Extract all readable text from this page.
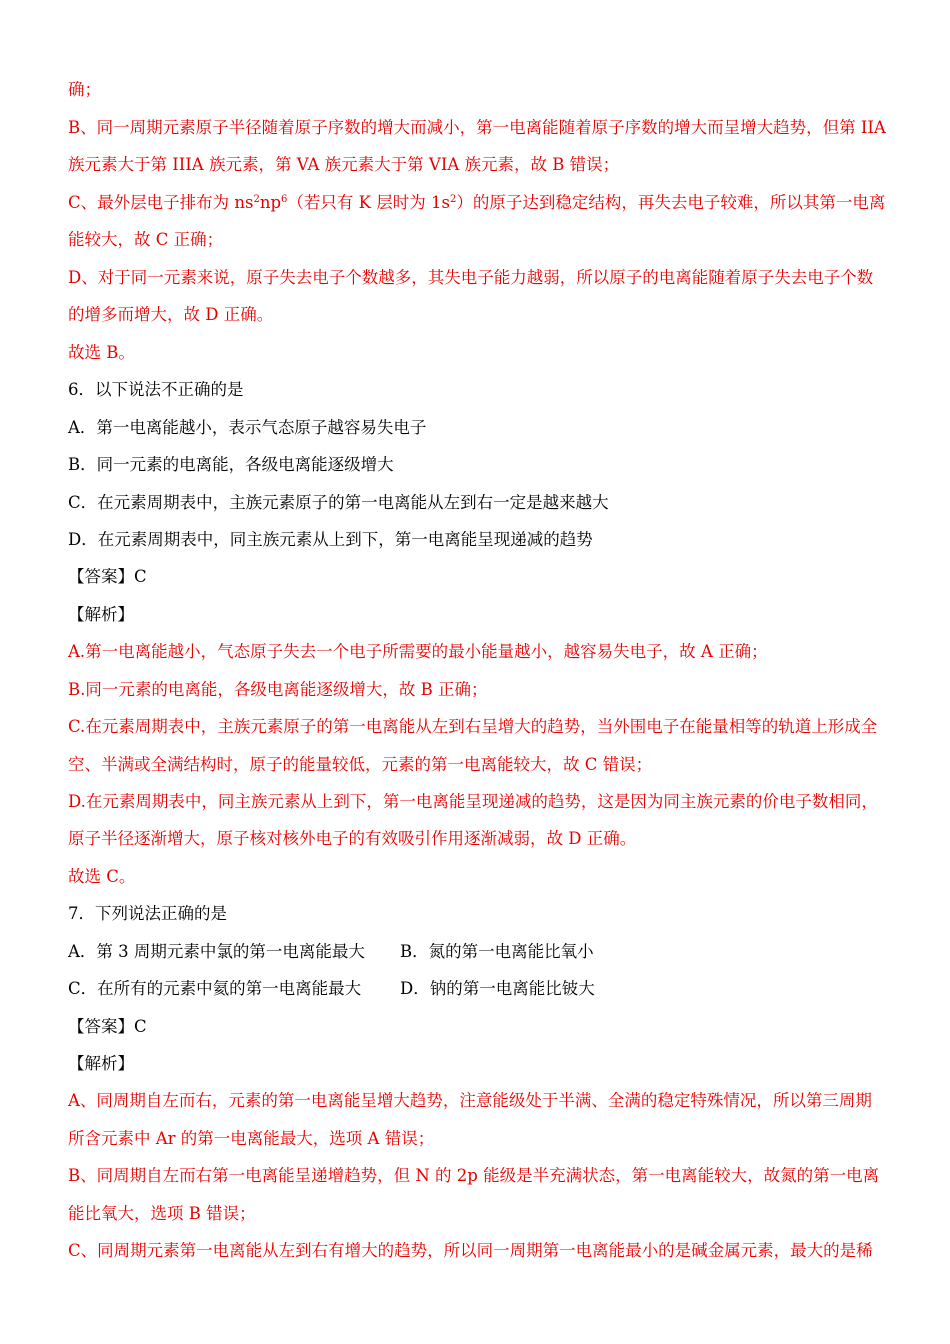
确；
B、同一周期元素原子半径随着原子序数的增大而减小，第一电离能随着原子序数的增大而呈增大趋势，但第 IIA
族元素大于第 IIIA 族元素，第 VA 族元素大于第 VIA 族元素，故 B 错误；
C、最外层电子排布为 $ns^2np^6$（若只有 K 层时为 $1s^2$）的原子达到稳定结构，再失去电子较难，所以其第一电离
能较大，故 C 正确；
D、对于同一元素来说，原子失去电子个数越多，其失电子能力越弱，所以原子的电离能随着原子失去电子个数
的增多而增大，故 D 正确。
故选 B。
6．以下说法不正确的是
A．第一电离能越小，表示气态原子越容易失电子
B．同一元素的电离能，各级电离能逐级增大
C．在元素周期表中，主族元素原子的第一电离能从左到右一定是越来越大
D．在元素周期表中，同主族元素从上到下，第一电离能呈现递减的趋势
【答案】C
【解析】
A.第一电离能越小，气态原子失去一个电子所需要的最小能量越小，越容易失电子，故 A 正确；
B.同一元素的电离能，各级电离能逐级增大，故 B 正确；
C.在元素周期表中，主族元素原子的第一电离能从左到右呈增大的趋势，当外围电子在能量相等的轨道上形成全
空、半满或全满结构时，原子的能量较低，元素的第一电离能较大，故 C 错误；
D.在元素周期表中，同主族元素从上到下，第一电离能呈现递减的趋势，这是因为同主族元素的价电子数相同，
原子半径逐渐增大，原子核对核外电子的有效吸引作用逐渐减弱，故 D 正确。
故选 C。
7．下列说法正确的是
A．第 3 周期元素中氯的第一电离能最大 B．氮的第一电离能比氧小
C．在所有的元素中氦的第一电离能最大 D．钠的第一电离能比铍大
【答案】C
【解析】
A、同周期自左而右，元素的第一电离能呈增大趋势，注意能级处于半满、全满的稳定特殊情况，所以第三周期
所含元素中 Ar 的第一电离能最大，选项 A 错误；
B、同周期自左而右第一电离能呈递增趋势，但 N 的 2p 能级是半充满状态，第一电离能较大，故氮的第一电离
能比氧大，选项 B 错误；
C、同周期元素第一电离能从左到右有增大的趋势，所以同一周期第一电离能最小的是碱金属元素，最大的是稀
